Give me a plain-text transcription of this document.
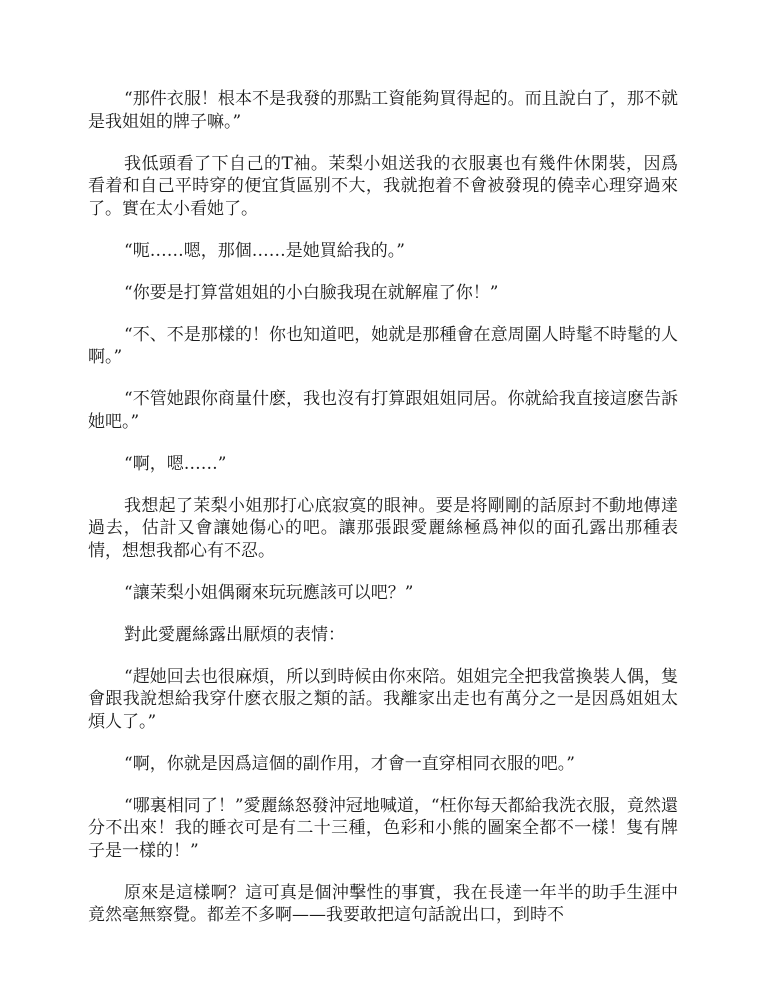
“那件衣服！根本不是我發的那點工資能夠買得起的。而且說白了，那不就是我姐姐的牌子嘛。”

我低頭看了下自己的T袖。茉梨小姐送我的衣服裏也有幾件休閑裝，因爲看着和自己平時穿的便宜貨區别不大，我就抱着不會被發現的僥幸心理穿過來了。實在太小看她了。

“呃……嗯，那個……是她買給我的。”

“你要是打算當姐姐的小白臉我現在就解雇了你！”

“不、不是那樣的！你也知道吧，她就是那種會在意周圍人時髦不時髦的人啊。”

“不管她跟你商量什麽，我也沒有打算跟姐姐同居。你就給我直接這麽告訴她吧。”

“啊，嗯……”

我想起了茉梨小姐那打心底寂寞的眼神。要是将剛剛的話原封不動地傳達過去，估計又會讓她傷心的吧。讓那張跟愛麗絲極爲神似的面孔露出那種表情，想想我都心有不忍。

“讓茉梨小姐偶爾來玩玩應該可以吧？”

對此愛麗絲露出厭煩的表情：

“趕她回去也很麻煩，所以到時候由你來陪。姐姐完全把我當換裝人偶，隻會跟我說想給我穿什麽衣服之類的話。我離家出走也有萬分之一是因爲姐姐太煩人了。”

“啊，你就是因爲這個的副作用，才會一直穿相同衣服的吧。”

“哪裏相同了！”愛麗絲怒發沖冠地喊道，“枉你每天都給我洗衣服，竟然還分不出來！我的睡衣可是有二十三種，色彩和小熊的圖案全都不一樣！隻有牌子是一樣的！”

原來是這樣啊？這可真是個沖擊性的事實，我在長達一年半的助手生涯中竟然毫無察覺。都差不多啊——我要敢把這句話說出口，到時不
